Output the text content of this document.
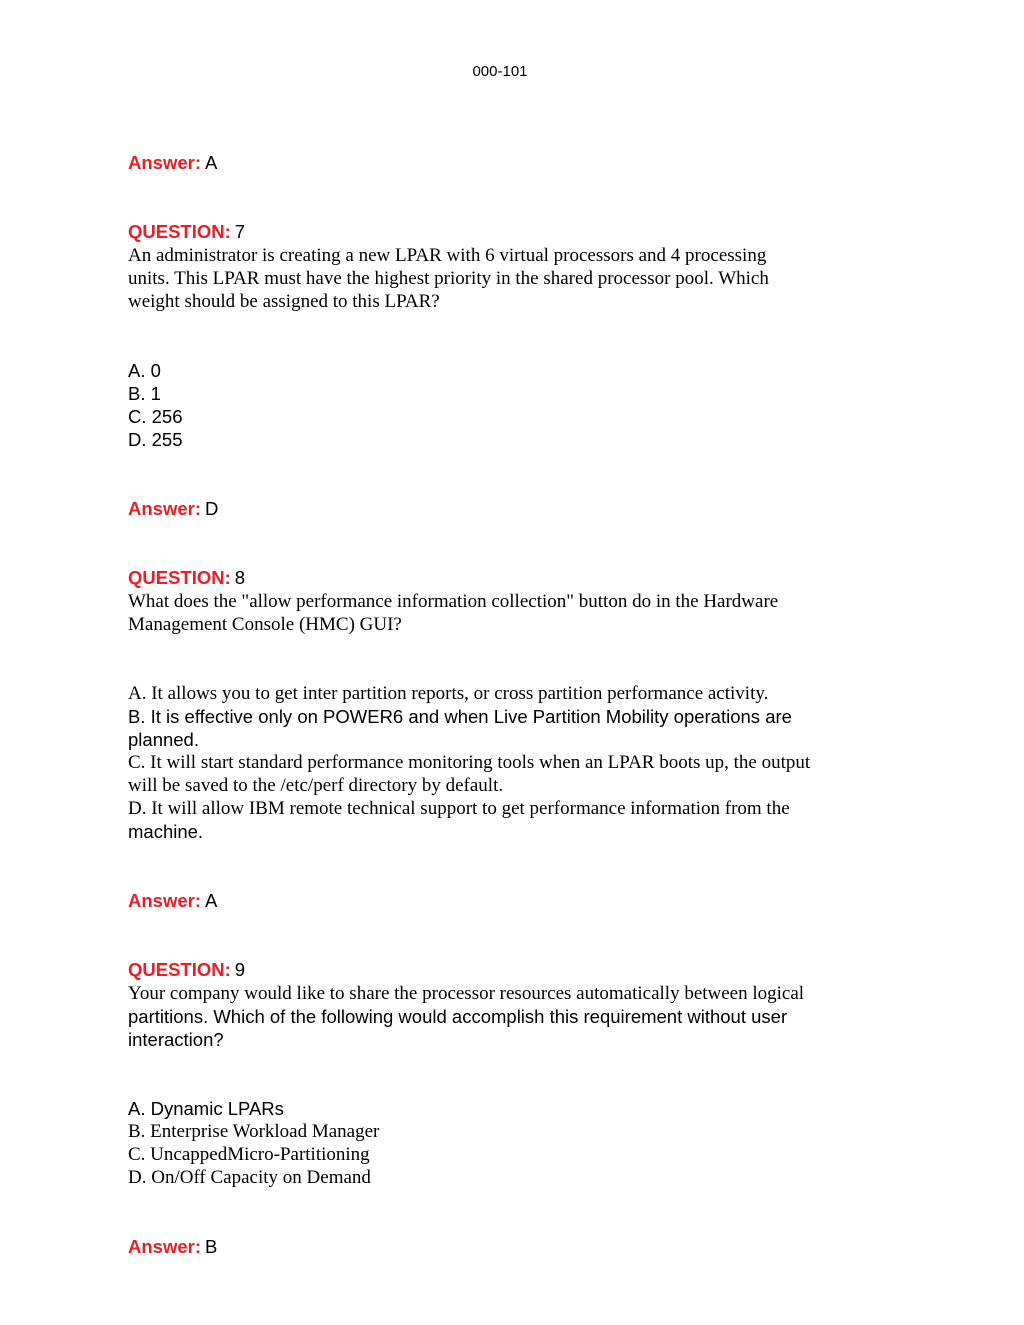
000-101
Answer: A
QUESTION: 7
An administrator is creating a new LPAR with 6 virtual processors and 4 processing
units. This LPAR must have the highest priority in the shared processor pool. Which
weight should be assigned to this LPAR?
A. 0
B. 1
C. 256
D. 255
Answer: D
QUESTION: 8
What does the "allow performance information collection" button do in the Hardware
Management Console (HMC) GUI?
A. It allows you to get inter partition reports, or cross partition performance activity.
B. It is effective only on POWER6 and when Live Partition Mobility operations are
planned.
C. It will start standard performance monitoring tools when an LPAR boots up, the output
will be saved to the /etc/perf directory by default.
D. It will allow IBM remote technical support to get performance information from the
machine.
Answer: A
QUESTION: 9
Your company would like to share the processor resources automatically between logical
partitions. Which of the following would accomplish this requirement without user
interaction?
A. Dynamic LPARs
B. Enterprise Workload Manager
C. UncappedMicro-Partitioning
D. On/Off Capacity on Demand
Answer: B
